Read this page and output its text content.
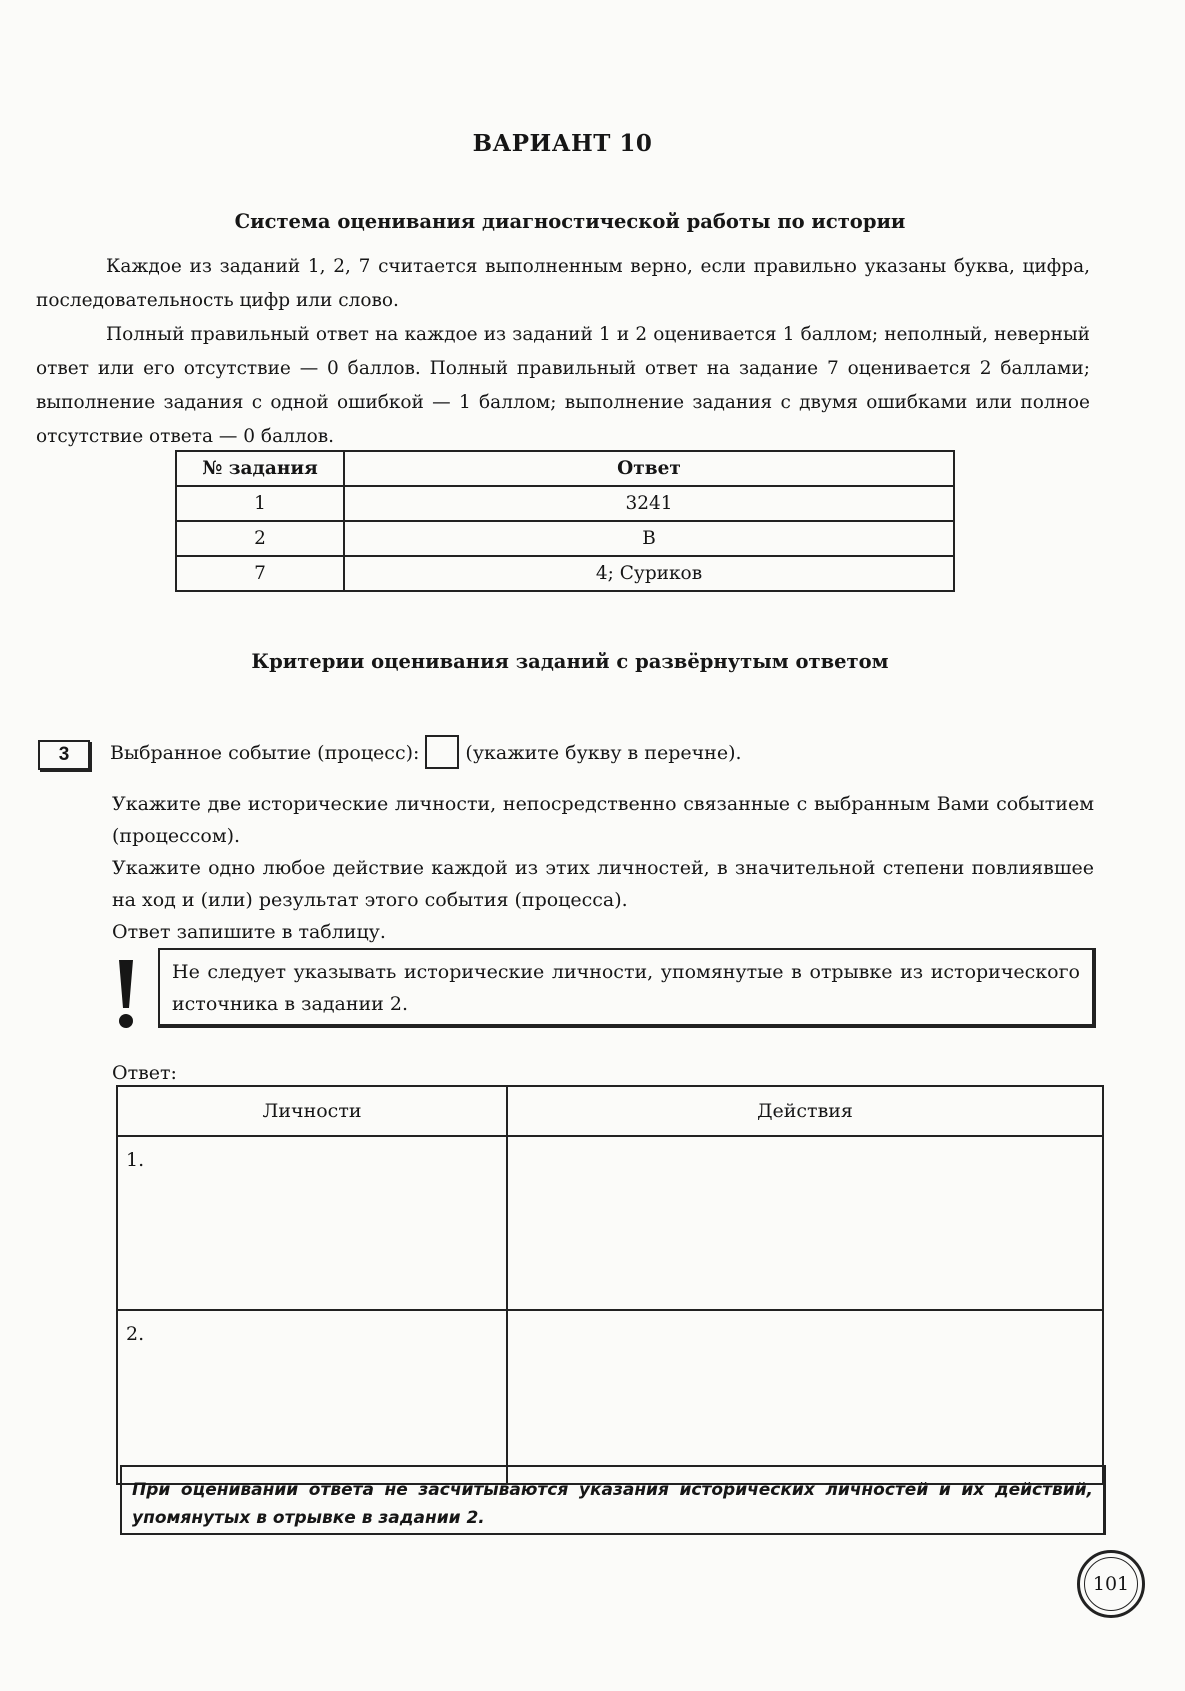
ВАРИАНТ 10
Система оценивания диагностической работы по истории

Каждое из заданий 1, 2, 7 считается выполненным верно, если правильно указаны буква, цифра, последовательность цифр или слово.

Полный правильный ответ на каждое из заданий 1 и 2 оценивается 1 баллом; неполный, неверный ответ или его отсутствие — 0 баллов. Полный правильный ответ на задание 7 оценивается 2 баллами; выполнение задания с одной ошибкой — 1 баллом; выполнение задания с двумя ошибками или полное отсутствие ответа — 0 баллов.

№ задания	Ответ
1	3241
2	В
7	4; Суриков
Критерии оценивания заданий с развёрнутым ответом
3	Выбранное событие (процесс): (укажите букву в перечне).

Укажите две исторические личности, непосредственно связанные с выбранным Вами событием (процессом).

Укажите одно любое действие каждой из этих личностей, в значительной степени повлиявшее на ход и (или) результат этого события (процесса).

Ответ запишите в таблицу.

Не следует указывать исторические личности, упомянутые в отрывке из исторического источника в задании 2.
Ответ:
Личности	Действия
1.	
2.	
При оценивании ответа не засчитываются указания исторических личностей и их действий, упомянутых в отрывке в задании 2.
101
